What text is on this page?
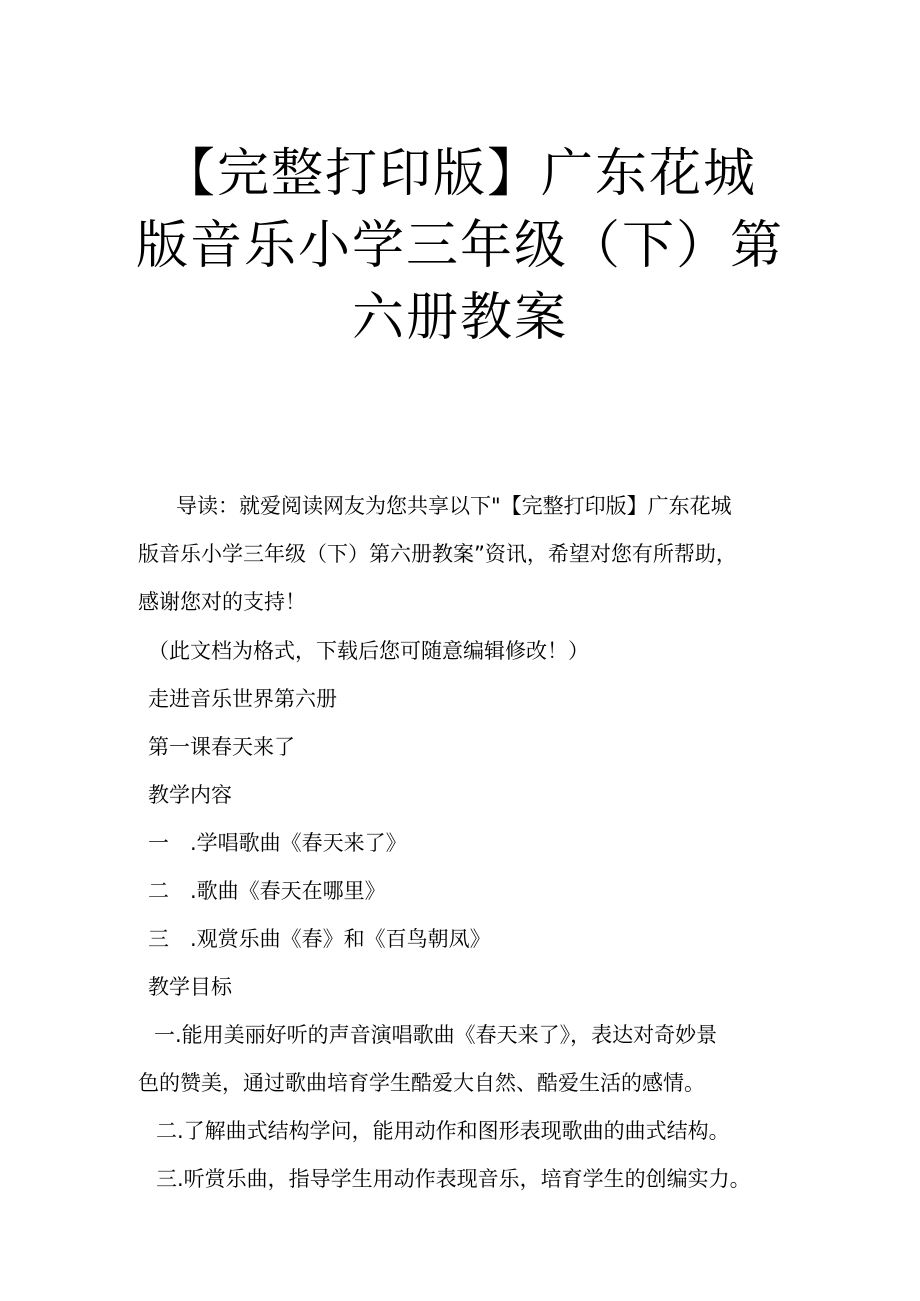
【完整打印版】广东花城
版音乐小学三年级（下）第
六册教案
导读：就爱阅读网友为您共享以下"【完整打印版】广东花城
版音乐小学三年级（下）第六册教案”资讯，希望对您有所帮助，
感谢您对的支持！
（此文档为格式，下载后您可随意编辑修改！）
走进音乐世界第六册
第一课春天来了
教学内容
一　.学唱歌曲《春天来了》
二　.歌曲《春天在哪里》
三　.观赏乐曲《春》和《百鸟朝凤》
教学目标
一.能用美丽好听的声音演唱歌曲《春天来了》，表达对奇妙景
色的赞美，通过歌曲培育学生酷爱大自然、酷爱生活的感情。
二.了解曲式结构学问，能用动作和图形表现歌曲的曲式结构。
三.听赏乐曲，指导学生用动作表现音乐，培育学生的创编实力。
